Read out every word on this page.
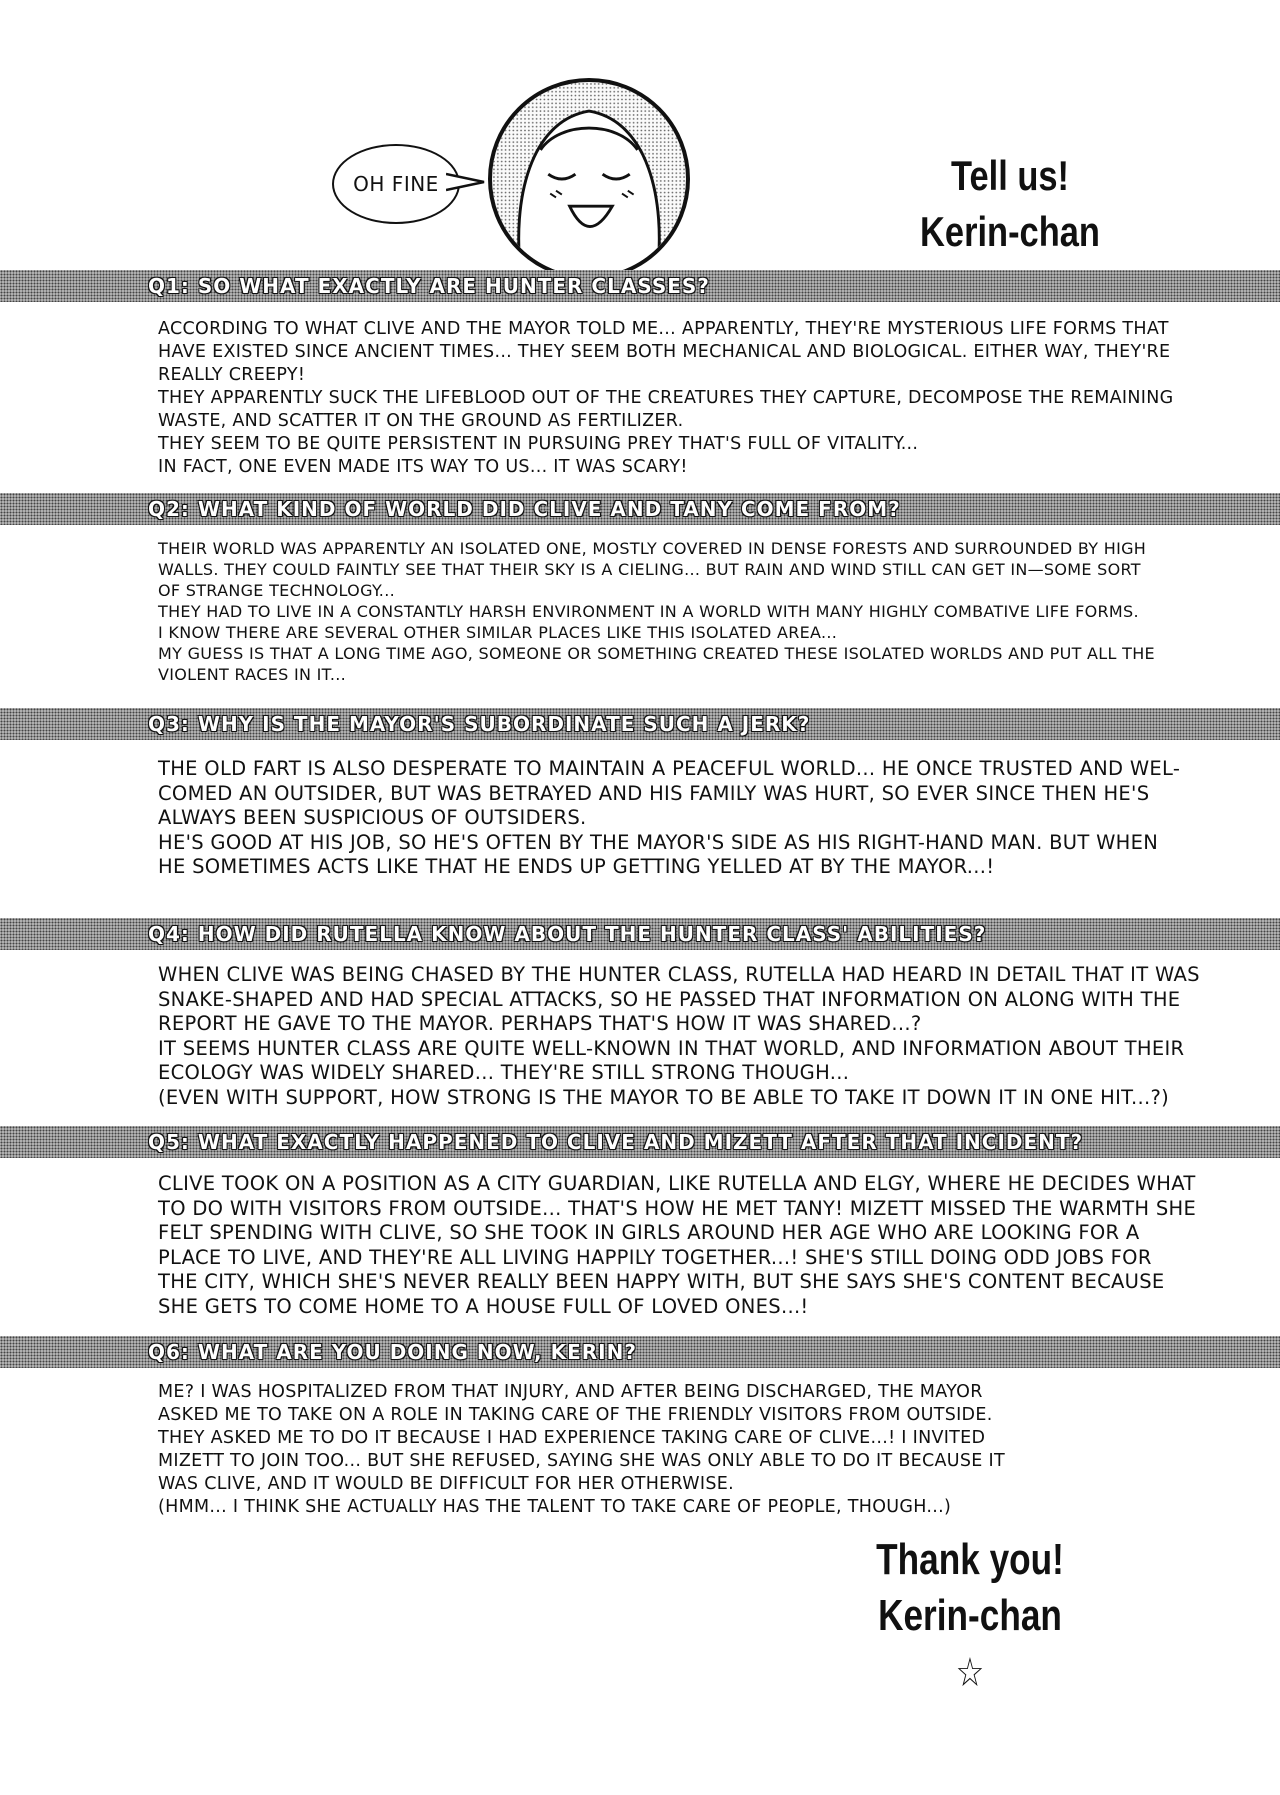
OH FINE	Tell us!
Kerin-chan
Q1: SO WHAT EXACTLY ARE HUNTER CLASSES?

ACCORDING TO WHAT CLIVE AND THE MAYOR TOLD ME... APPARENTLY, THEY'RE MYSTERIOUS LIFE FORMS THAT

HAVE EXISTED SINCE ANCIENT TIMES... THEY SEEM BOTH MECHANICAL AND BIOLOGICAL. EITHER WAY, THEY'RE

REALLY CREEPY!

THEY APPARENTLY SUCK THE LIFEBLOOD OUT OF THE CREATURES THEY CAPTURE, DECOMPOSE THE REMAINING

WASTE, AND SCATTER IT ON THE GROUND AS FERTILIZER.

THEY SEEM TO BE QUITE PERSISTENT IN PURSUING PREY THAT'S FULL OF VITALITY...

IN FACT, ONE EVEN MADE ITS WAY TO US... IT WAS SCARY!

Q2: WHAT KIND OF WORLD DID CLIVE AND TANY COME FROM?

THEIR WORLD WAS APPARENTLY AN ISOLATED ONE, MOSTLY COVERED IN DENSE FORESTS AND SURROUNDED BY HIGH

WALLS. THEY COULD FAINTLY SEE THAT THEIR SKY IS A CIELING... BUT RAIN AND WIND STILL CAN GET IN—SOME SORT

OF STRANGE TECHNOLOGY...

THEY HAD TO LIVE IN A CONSTANTLY HARSH ENVIRONMENT IN A WORLD WITH MANY HIGHLY COMBATIVE LIFE FORMS.

I KNOW THERE ARE SEVERAL OTHER SIMILAR PLACES LIKE THIS ISOLATED AREA...

MY GUESS IS THAT A LONG TIME AGO, SOMEONE OR SOMETHING CREATED THESE ISOLATED WORLDS AND PUT ALL THE

VIOLENT RACES IN IT...

Q3: WHY IS THE MAYOR'S SUBORDINATE SUCH A JERK?

THE OLD FART IS ALSO DESPERATE TO MAINTAIN A PEACEFUL WORLD... HE ONCE TRUSTED AND WEL-

COMED AN OUTSIDER, BUT WAS BETRAYED AND HIS FAMILY WAS HURT, SO EVER SINCE THEN HE'S

ALWAYS BEEN SUSPICIOUS OF OUTSIDERS.

HE'S GOOD AT HIS JOB, SO HE'S OFTEN BY THE MAYOR'S SIDE AS HIS RIGHT-HAND MAN. BUT WHEN

HE SOMETIMES ACTS LIKE THAT HE ENDS UP GETTING YELLED AT BY THE MAYOR...!

Q4: HOW DID RUTELLA KNOW ABOUT THE HUNTER CLASS' ABILITIES?

WHEN CLIVE WAS BEING CHASED BY THE HUNTER CLASS, RUTELLA HAD HEARD IN DETAIL THAT IT WAS

SNAKE-SHAPED AND HAD SPECIAL ATTACKS, SO HE PASSED THAT INFORMATION ON ALONG WITH THE

REPORT HE GAVE TO THE MAYOR. PERHAPS THAT'S HOW IT WAS SHARED...?

IT SEEMS HUNTER CLASS ARE QUITE WELL-KNOWN IN THAT WORLD, AND INFORMATION ABOUT THEIR

ECOLOGY WAS WIDELY SHARED... THEY'RE STILL STRONG THOUGH...

(EVEN WITH SUPPORT, HOW STRONG IS THE MAYOR TO BE ABLE TO TAKE IT DOWN IT IN ONE HIT...?)

Q5: WHAT EXACTLY HAPPENED TO CLIVE AND MIZETT AFTER THAT INCIDENT?

CLIVE TOOK ON A POSITION AS A CITY GUARDIAN, LIKE RUTELLA AND ELGY, WHERE HE DECIDES WHAT

TO DO WITH VISITORS FROM OUTSIDE... THAT'S HOW HE MET TANY! MIZETT MISSED THE WARMTH SHE

FELT SPENDING WITH CLIVE, SO SHE TOOK IN GIRLS AROUND HER AGE WHO ARE LOOKING FOR A

PLACE TO LIVE, AND THEY'RE ALL LIVING HAPPILY TOGETHER...! SHE'S STILL DOING ODD JOBS FOR

THE CITY, WHICH SHE'S NEVER REALLY BEEN HAPPY WITH, BUT SHE SAYS SHE'S CONTENT BECAUSE

SHE GETS TO COME HOME TO A HOUSE FULL OF LOVED ONES...!

Q6: WHAT ARE YOU DOING NOW, KERIN?

ME? I WAS HOSPITALIZED FROM THAT INJURY, AND AFTER BEING DISCHARGED, THE MAYOR

ASKED ME TO TAKE ON A ROLE IN TAKING CARE OF THE FRIENDLY VISITORS FROM OUTSIDE.

THEY ASKED ME TO DO IT BECAUSE I HAD EXPERIENCE TAKING CARE OF CLIVE...! I INVITED

MIZETT TO JOIN TOO... BUT SHE REFUSED, SAYING SHE WAS ONLY ABLE TO DO IT BECAUSE IT

WAS CLIVE, AND IT WOULD BE DIFFICULT FOR HER OTHERWISE.

(HMM... I THINK SHE ACTUALLY HAS THE TALENT TO TAKE CARE OF PEOPLE, THOUGH...)

Thank you!
Kerin-chan ☆
